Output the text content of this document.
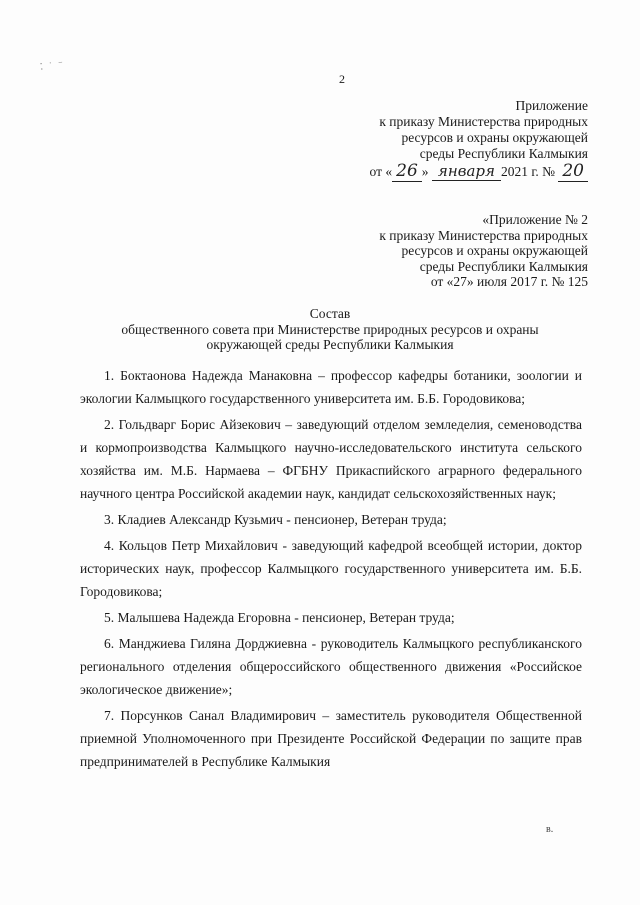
⁚ ˙ ⁻
2
Приложение
к приказу Министерства природных
ресурсов и охраны окружающей
среды Республики Калмыкия
от « 26 » января 2021 г. № 20
«Приложение № 2
к приказу Министерства природных
ресурсов и охраны окружающей
среды Республики Калмыкия
от «27» июля 2017 г. № 125
Состав
общественного совета при Министерстве природных ресурсов и охраны
окружающей среды Республики Калмыкия

1. Боктаонова Надежда Манаковна – профессор кафедры ботаники, зоологии и экологии Калмыцкого государственного университета им. Б.Б. Городовикова;

2. Гольдварг Борис Айзекович – заведующий отделом земледелия, семеноводства и кормопроизводства Калмыцкого научно-исследовательского института сельского хозяйства им. М.Б. Нармаева – ФГБНУ Прикаспийского аграрного федерального научного центра Российской академии наук, кандидат сельскохозяйственных наук;

3. Кладиев Александр Кузьмич - пенсионер, Ветеран труда;

4. Кольцов Петр Михайлович - заведующий кафедрой всеобщей истории, доктор исторических наук, профессор Калмыцкого государственного университета им. Б.Б. Городовикова;

5. Малышева Надежда Егоровна - пенсионер, Ветеран труда;

6. Манджиева Гиляна Дорджиевна - руководитель Калмыцкого республиканского регионального отделения общероссийского общественного движения «Российское экологическое движение»;

7. Порсунков Санал Владимирович – заместитель руководителя Общественной приемной Уполномоченного при Президенте Российской Федерации по защите прав предпринимателей в Республике Калмыкия

в.
